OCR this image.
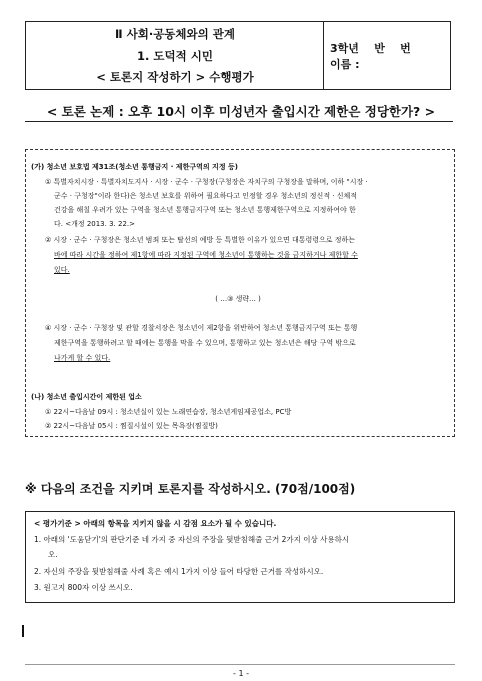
Ⅱ 사회·공동체와의 관계
1. 도덕적 시민
< 토론지 작성하기 > 수행평가
3학년    반    번
이름 :
< 토론 논제 : 오후 10시 이후 미성년자 출입시간 제한은 정당한가? >
(가) 청소년 보호법 제31조(청소년 통행금지 · 제한구역의 지정 등)
① 특별자치시장 · 특별자치도지사 · 시장 · 군수 · 구청장(구청장은 자치구의 구청장을 말하며, 이하 "시장 ·
군수 · 구청장"이라 한다)은 청소년 보호를 위하여 필요하다고 인정할 경우 청소년의 정신적 · 신체적
건강을 해칠 우려가 있는 구역을 청소년 통행금지구역 또는 청소년 통행제한구역으로 지정하여야 한
다. <개정 2013. 3. 22.>
② 시장 · 군수 · 구청장은 청소년 범죄 또는 탈선의 예방 등 특별한 이유가 있으면 대통령령으로 정하는
바에 따라 시간을 정하여 제1항에 따라 지정된 구역에 청소년이 통행하는 것을 금지하거나 제한할 수
있다.
( …③ 생략… )
④ 시장 · 군수 · 구청장 및 관할 경찰서장은 청소년이 제2항을 위반하여 청소년 통행금지구역 또는 통행
제한구역을 통행하려고 할 때에는 통행을 막을 수 있으며, 통행하고 있는 청소년은 해당 구역 밖으로
나가게 할 수 있다.
(나) 청소년 출입시간이 제한된 업소
① 22시~다음날 09시 : 청소년실이 있는 노래연습장, 청소년게임제공업소, PC방
② 22시~다음날 05시 : 찜질시설이 있는 목욕장(찜질방)
※ 다음의 조건을 지키며 토론지를 작성하시오. (70점/100점)
< 평가기준 > 아래의 항목을 지키지 않을 시 감점 요소가 될 수 있습니다.
1. 아래의 '도움닫기'의 판단기준 네 가지 중 자신의 주장을 뒷받침해줄 근거 2가지 이상 사용하시
오.
2. 자신의 주장을 뒷받침해줄 사례 혹은 예시 1가지 이상 들어 타당한 근거를 작성하시오.
3. 원고지 800자 이상 쓰시오.
- 1 -
